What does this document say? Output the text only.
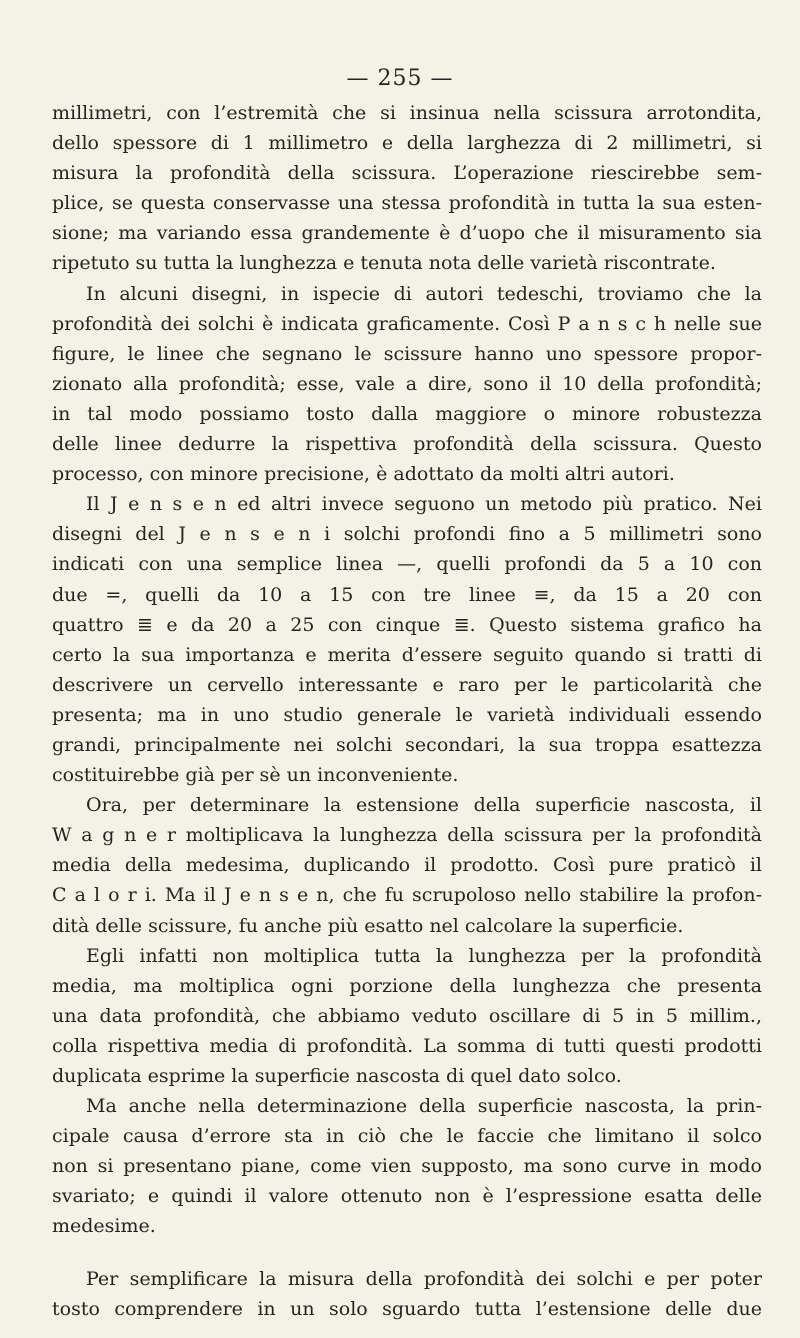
— 255 —
millimetri, con l’estremità che si insinua nella scissura arrotondita,
dello spessore di 1 millimetro e della larghezza di 2 millimetri, si
misura la profondità della scissura. L’operazione riescirebbe sem-
plice, se questa conservasse una stessa profondità in tutta la sua esten-
sione; ma variando essa grandemente è d’uopo che il misuramento sia
ripetuto su tutta la lunghezza e tenuta nota delle varietà riscontrate.
In alcuni disegni, in ispecie di autori tedeschi, troviamo che la
profondità dei solchi è indicata graficamente. Così P a n s c h nelle sue
figure, le linee che segnano le scissure hanno uno spessore propor-
zionato alla profondità; esse, vale a dire, sono il 10 della profondità;
in tal modo possiamo tosto dalla maggiore o minore robustezza
delle linee dedurre la rispettiva profondità della scissura. Questo
processo, con minore precisione, è adottato da molti altri autori.
Il J e n s e n ed altri invece seguono un metodo più pratico. Nei
disegni del J e n s e n i solchi profondi fino a 5 millimetri sono
indicati con una semplice linea —, quelli profondi da 5 a 10 con
due =, quelli da 10 a 15 con tre linee ≡, da 15 a 20 con
quattro ≣ e da 20 a 25 con cinque ≣. Questo sistema grafico ha
certo la sua importanza e merita d’essere seguito quando si tratti di
descrivere un cervello interessante e raro per le particolarità che
presenta; ma in uno studio generale le varietà individuali essendo
grandi, principalmente nei solchi secondari, la sua troppa esattezza
costituirebbe già per sè un inconveniente.
Ora, per determinare la estensione della superficie nascosta, il
W a g n e r moltiplicava la lunghezza della scissura per la profondità
media della medesima, duplicando il prodotto. Così pure praticò il
C a l o r i. Ma il J e n s e n, che fu scrupoloso nello stabilire la profon-
dità delle scissure, fu anche più esatto nel calcolare la superficie.
Egli infatti non moltiplica tutta la lunghezza per la profondità
media, ma moltiplica ogni porzione della lunghezza che presenta
una data profondità, che abbiamo veduto oscillare di 5 in 5 millim.,
colla rispettiva media di profondità. La somma di tutti questi prodotti
duplicata esprime la superficie nascosta di quel dato solco.
Ma anche nella determinazione della superficie nascosta, la prin-
cipale causa d’errore sta in ciò che le faccie che limitano il solco
non si presentano piane, come vien supposto, ma sono curve in modo
svariato; e quindi il valore ottenuto non è l’espressione esatta delle
medesime.
Per semplificare la misura della profondità dei solchi e per poter
tosto comprendere in un solo sguardo tutta l’estensione delle due
